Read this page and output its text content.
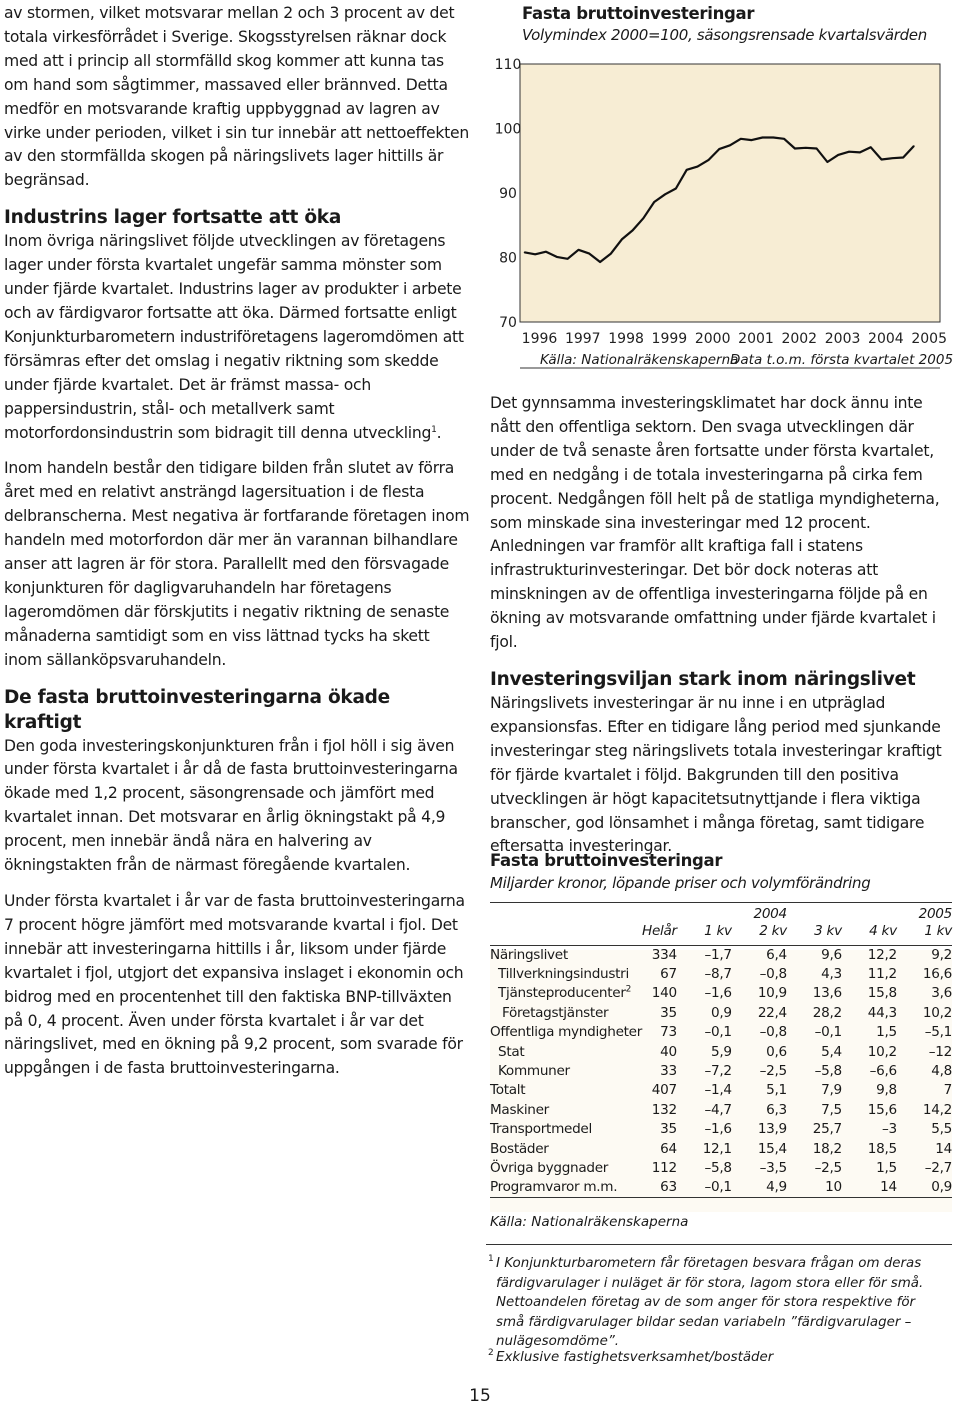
av stormen, vilket motsvarar mellan 2 och 3 procent av det totala virkesförrådet i Sverige. Skogsstyrelsen räknar dock med att i princip all stormfälld skog kommer att kunna tas om hand som sågtimmer, massaved eller brännved. Detta medför en motsvarande kraftig uppbyggnad av lagren av virke under perioden, vilket i sin tur innebär att nettoeffekten av den stormfällda skogen på näringslivets lager hittills är begränsad.

Industrins lager fortsatte att öka

Inom övriga näringslivet följde utvecklingen av företagens lager under första kvartalet ungefär samma mönster som under fjärde kvartalet. Industrins lager av produkter i arbete och av färdigvaror fortsatte att öka. Därmed fortsatte enligt Konjunkturbarometern industriföretagens lageromdömen att försämras efter det omslag i negativ riktning som skedde under fjärde kvartalet. Det är främst massa- och pappersindustrin, stål- och metallverk samt motorfordonsindustrin som bidragit till denna utveckling$^1$.

Inom handeln består den tidigare bilden från slutet av förra året med en relativt ansträngd lagersituation i de flesta delbranscherna. Mest negativa är fortfarande företagen inom handeln med motorfordon där mer än varannan bilhandlare anser att lagren är för stora. Parallellt med den försvagade konjunkturen för dagligvaruhandeln har företagens lageromdömen där förskjutits i negativ riktning de senaste månaderna samtidigt som en viss lättnad tycks ha skett inom sällanköpsvaruhandeln.

De fasta bruttoinvesteringarna ökade kraftigt

Den goda investeringskonjunkturen från i fjol höll i sig även under första kvartalet i år då de fasta bruttoinvesteringarna ökade med 1,2 procent, säsongrensade och jämfört med kvartalet innan. Det motsvarar en årlig ökningstakt på 4,9 procent, men innebär ändå nära en halvering av ökningstakten från de närmast föregående kvartalen.

Under första kvartalet i år var de fasta bruttoinvesteringarna 7 procent högre jämfört med motsvarande kvartal i fjol. Det innebär att investeringarna hittills i år, liksom under fjärde kvartalet i fjol, utgjort det expansiva inslaget i ekonomin och bidrog med en procentenhet till den faktiska BNP-tillväxten på 0, 4 procent. Även under första kvartalet i år var det näringslivet, med en ökning på 9,2 procent, som svarade för uppgången i de fasta bruttoinvesteringarna.

70
80
90
100
110
1996 1997 1998 1999 2000 2001 2002 2003 2004 2005
Fasta bruttoinvesteringar
Volymindex 2000=100, säsongsrensade kvartalsvärden
Källa: Nationalräkenskaperna
Data t.o.m. första kvartalet 2005

Det gynnsamma investeringsklimatet har dock ännu inte nått den offentliga sektorn. Den svaga utvecklingen där under de två senaste åren fortsatte under första kvartalet, med en nedgång i de totala investeringarna på cirka fem procent. Nedgången föll helt på de statliga myndigheterna, som minskade sina investeringar med 12 procent. Anledningen var framför allt kraftiga fall i statens infrastrukturinvesteringar. Det bör dock noteras att minskningen av de offentliga investeringarna följde på en ökning av motsvarande omfattning under fjärde kvartalet i fjol.

Investeringsviljan stark inom näringslivet

Näringslivets investeringar är nu inne i en utpräglad expansionsfas. Efter en tidigare lång period med sjunkande investeringar steg näringslivets totala investeringar kraftigt för fjärde kvartalet i följd. Bakgrunden till den positiva utvecklingen är högt kapacitetsutnyttjande i flera viktiga branscher, god lönsamhet i många företag, samt tidigare eftersatta investeringar.

Fasta bruttoinvesteringar
Miljarder kronor, löpande priser och volymförändring
			2004			2005
	Helår	1 kv	2 kv	3 kv	4 kv	1 kv
Näringslivet	334	–1,7	6,4	9,6	12,2	9,2
Tillverkningsindustri	67	–8,7	–0,8	4,3	11,2	16,6
Tjänsteproducenter$^2$	140	–1,6	10,9	13,6	15,8	3,6
Företagstjänster	35	0,9	22,4	28,2	44,3	10,2
Offentliga myndigheter	73	–0,1	–0,8	–0,1	1,5	–5,1
Stat	40	5,9	0,6	5,4	10,2	–12
Kommuner	33	–7,2	–2,5	–5,8	–6,6	4,8
Totalt	407	–1,4	5,1	7,9	9,8	7
Maskiner	132	–4,7	6,3	7,5	15,6	14,2
Transportmedel	35	–1,6	13,9	25,7	–3	5,5
Bostäder	64	12,1	15,4	18,2	18,5	14
Övriga byggnader	112	–5,8	–3,5	–2,5	1,5	–2,7
Programvaror m.m.	63	–0,1	4,9	10	14	0,9
Källa: Nationalräkenskaperna
1 I Konjunkturbarometern får företagen besvara frågan om deras färdigvarulager i nuläget är för stora, lagom stora eller för små. Nettoandelen företag av de som anger för stora respektive för små färdigvarulager bildar sedan variabeln ”färdigvarulager – nulägesomdöme”.
2 Exklusive fastighetsverksamhet/bostäder
15
